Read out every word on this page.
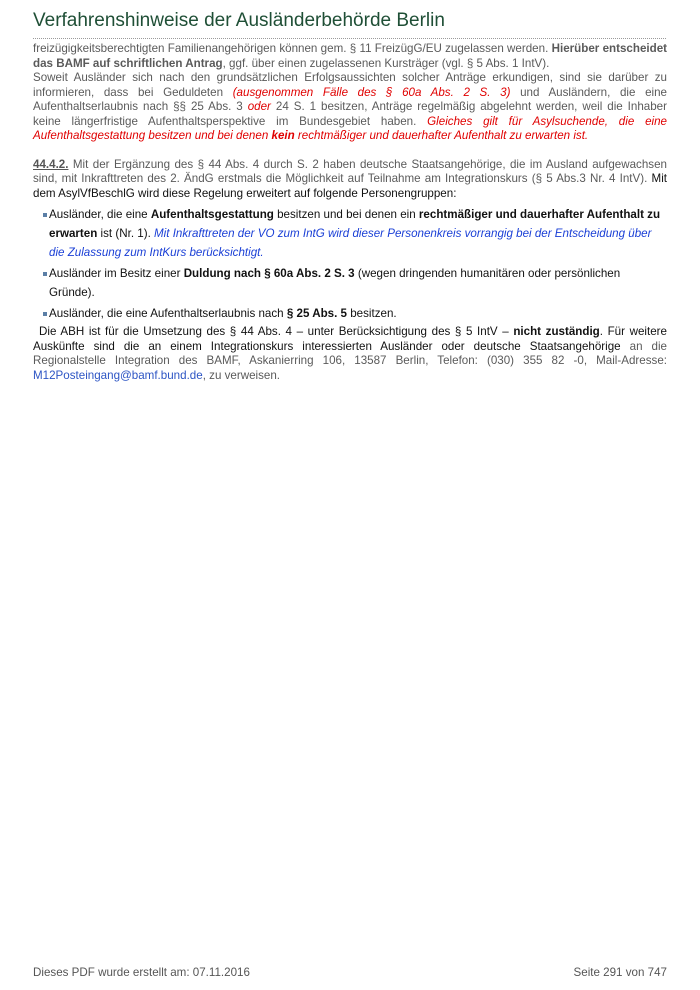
Verfahrenshinweise der Ausländerbehörde Berlin

freizügigkeitsberechtigten Familienangehörigen können gem. § 11 FreizügG/EU zugelassen werden. Hierüber entscheidet das BAMF auf schriftlichen Antrag, ggf. über einen zugelassenen Kursträger (vgl. § 5 Abs. 1 IntV).

Soweit Ausländer sich nach den grundsätzlichen Erfolgsaussichten solcher Anträge erkundigen, sind sie darüber zu informieren, dass bei Geduldeten (ausgenommen Fälle des § 60a Abs. 2 S. 3) und Ausländern, die eine Aufenthaltserlaubnis nach §§ 25 Abs. 3 oder 24 S. 1 besitzen, Anträge regelmäßig abgelehnt werden, weil die Inhaber keine längerfristige Aufenthaltsperspektive im Bundesgebiet haben. Gleiches gilt für Asylsuchende, die eine Aufenthaltsgestattung besitzen und bei denen kein rechtmäßiger und dauerhafter Aufenthalt zu erwarten ist.

44.4.2. Mit der Ergänzung des § 44 Abs. 4 durch S. 2 haben deutsche Staatsangehörige, die im Ausland aufgewachsen sind, mit Inkrafttreten des 2. ÄndG erstmals die Möglichkeit auf Teilnahme am Integrationskurs (§ 5 Abs.3 Nr. 4 IntV). Mit dem AsylVfBeschlG wird diese Regelung erweitert auf folgende Personengruppen:

Ausländer, die eine Aufenthaltsgestattung besitzen und bei denen ein rechtmäßiger und dauerhafter Aufenthalt zu erwarten ist (Nr. 1). Mit Inkrafttreten der VO zum IntG wird dieser Personenkreis vorrangig bei der Entscheidung über die Zulassung zum IntKurs berücksichtigt.
Ausländer im Besitz einer Duldung nach § 60a Abs. 2 S. 3 (wegen dringenden humanitären oder persönlichen Gründe).
Ausländer, die eine Aufenthaltserlaubnis nach § 25 Abs. 5 besitzen.

Die ABH ist für die Umsetzung des § 44 Abs. 4 – unter Berücksichtigung des § 5 IntV – nicht zuständig. Für weitere Auskünfte sind die an einem Integrationskurs interessierten Ausländer oder deutsche Staatsangehörige an die Regionalstelle Integration des BAMF, Askanierring 106, 13587 Berlin, Telefon: (030) 355 82 -0, Mail-Adresse: M12Posteingang@bamf.bund.de, zu verweisen.

Dieses PDF wurde erstellt am: 07.11.2016	Seite 291 von 747
